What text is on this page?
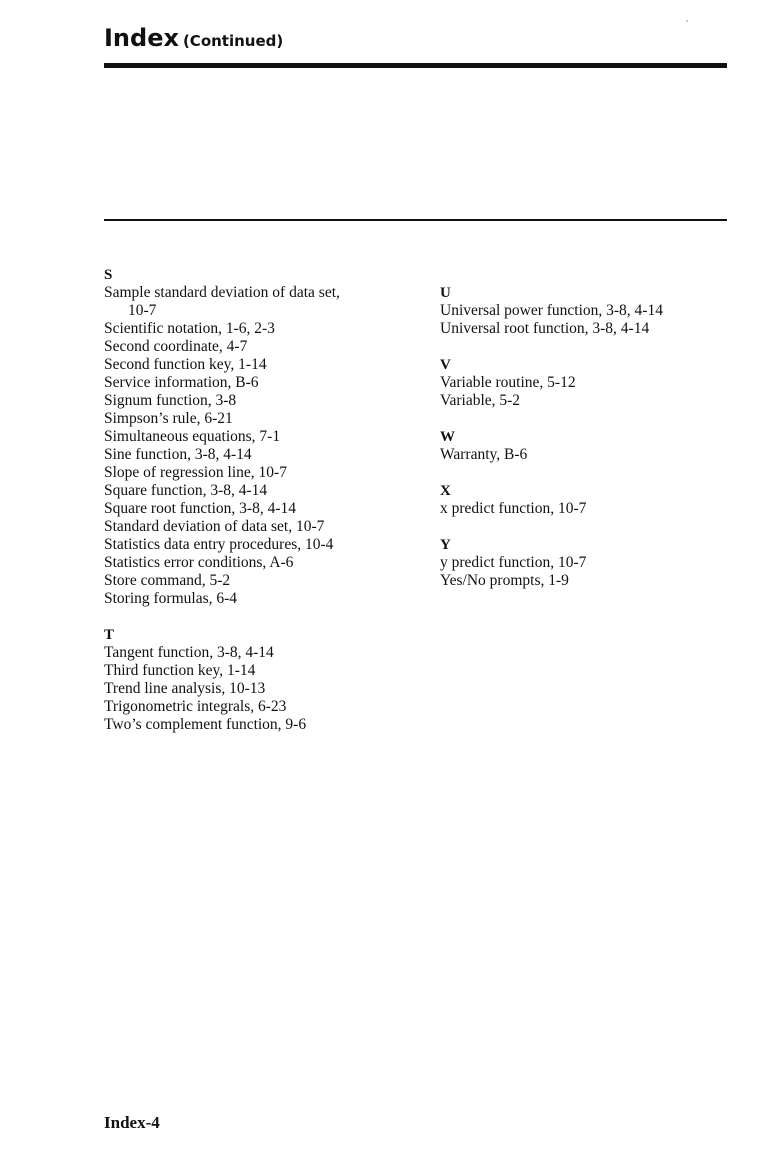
Index (Continued)
S
Sample standard deviation of data set,
10-7
Scientific notation, 1-6, 2-3
Second coordinate, 4-7
Second function key, 1-14
Service information, B-6
Signum function, 3-8
Simpson’s rule, 6-21
Simultaneous equations, 7-1
Sine function, 3-8, 4-14
Slope of regression line, 10-7
Square function, 3-8, 4-14
Square root function, 3-8, 4-14
Standard deviation of data set, 10-7
Statistics data entry procedures, 10-4
Statistics error conditions, A-6
Store command, 5-2
Storing formulas, 6-4
T
Tangent function, 3-8, 4-14
Third function key, 1-14
Trend line analysis, 10-13
Trigonometric integrals, 6-23
Two’s complement function, 9-6
U
Universal power function, 3-8, 4-14
Universal root function, 3-8, 4-14
V
Variable routine, 5-12
Variable, 5-2
W
Warranty, B-6
X
x predict function, 10-7
Y
y predict function, 10-7
Yes/No prompts, 1-9
Index-4
